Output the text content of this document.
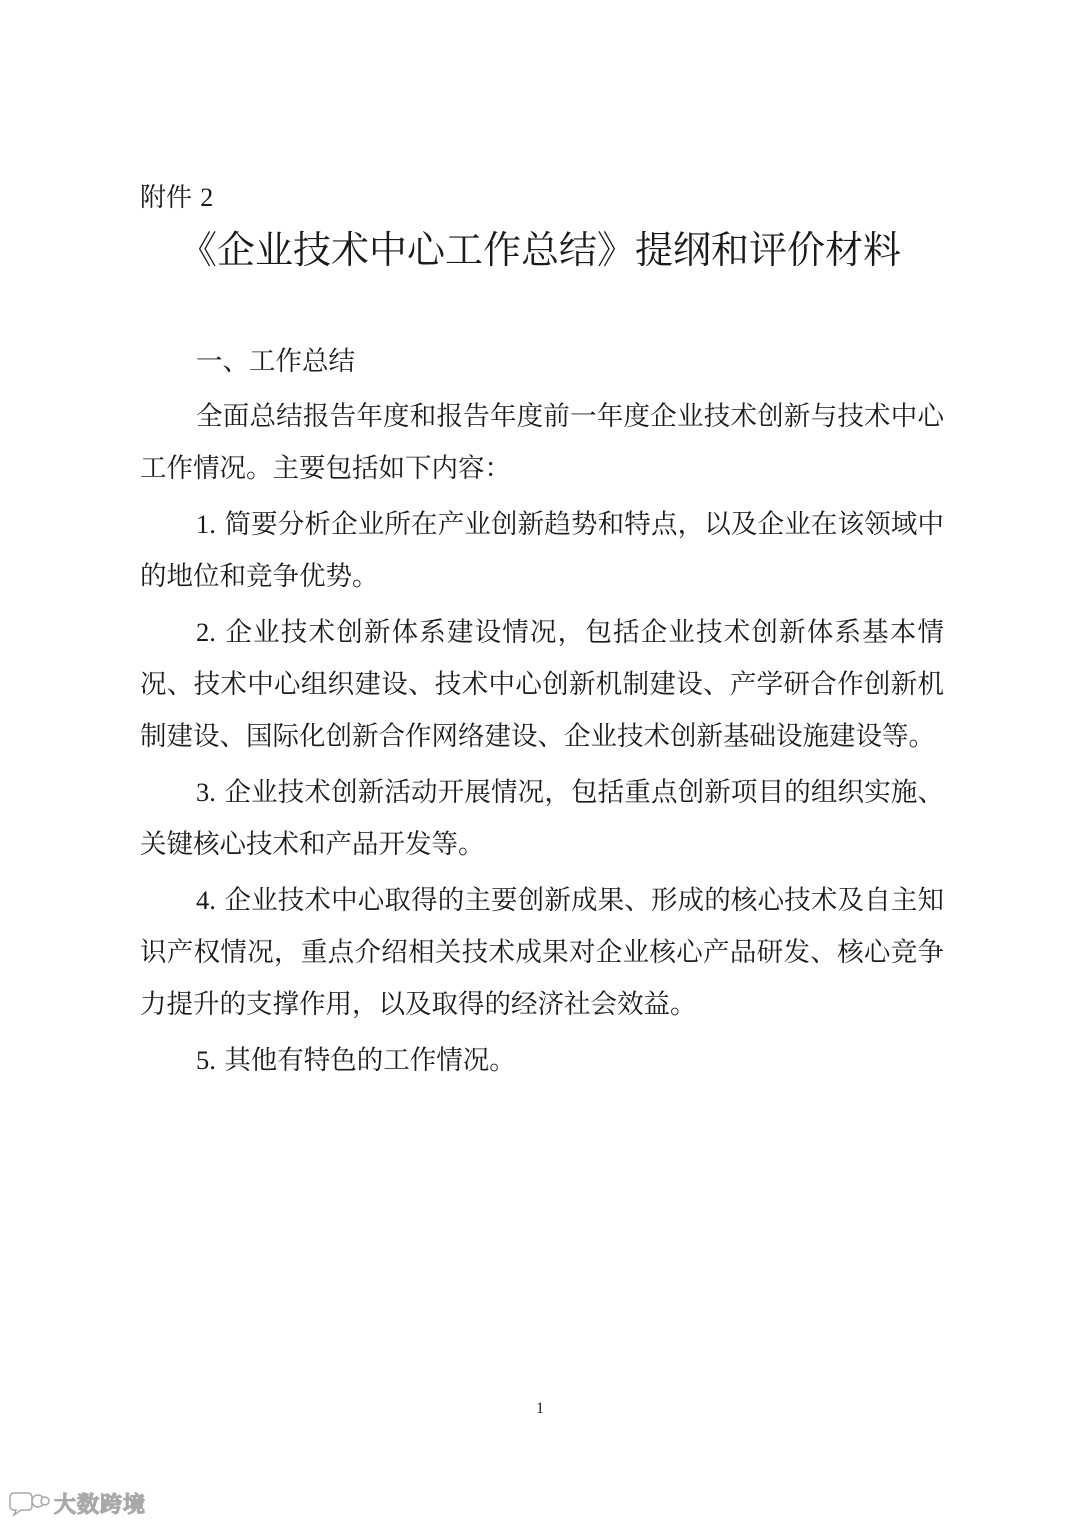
附件 2
《企业技术中心工作总结》提纲和评价材料

一、工作总结

全面总结报告年度和报告年度前一年度企业技术创新与技术中心工作情况。主要包括如下内容：

1. 简要分析企业所在产业创新趋势和特点，以及企业在该领域中的地位和竞争优势。

2. 企业技术创新体系建设情况，包括企业技术创新体系基本情况、技术中心组织建设、技术中心创新机制建设、产学研合作创新机制建设、国际化创新合作网络建设、企业技术创新基础设施建设等。

3. 企业技术创新活动开展情况，包括重点创新项目的组织实施、关键核心技术和产品开发等。

4. 企业技术中心取得的主要创新成果、形成的核心技术及自主知识产权情况，重点介绍相关技术成果对企业核心产品研发、核心竞争力提升的支撑作用，以及取得的经济社会效益。

5. 其他有特色的工作情况。

1
大数跨境
